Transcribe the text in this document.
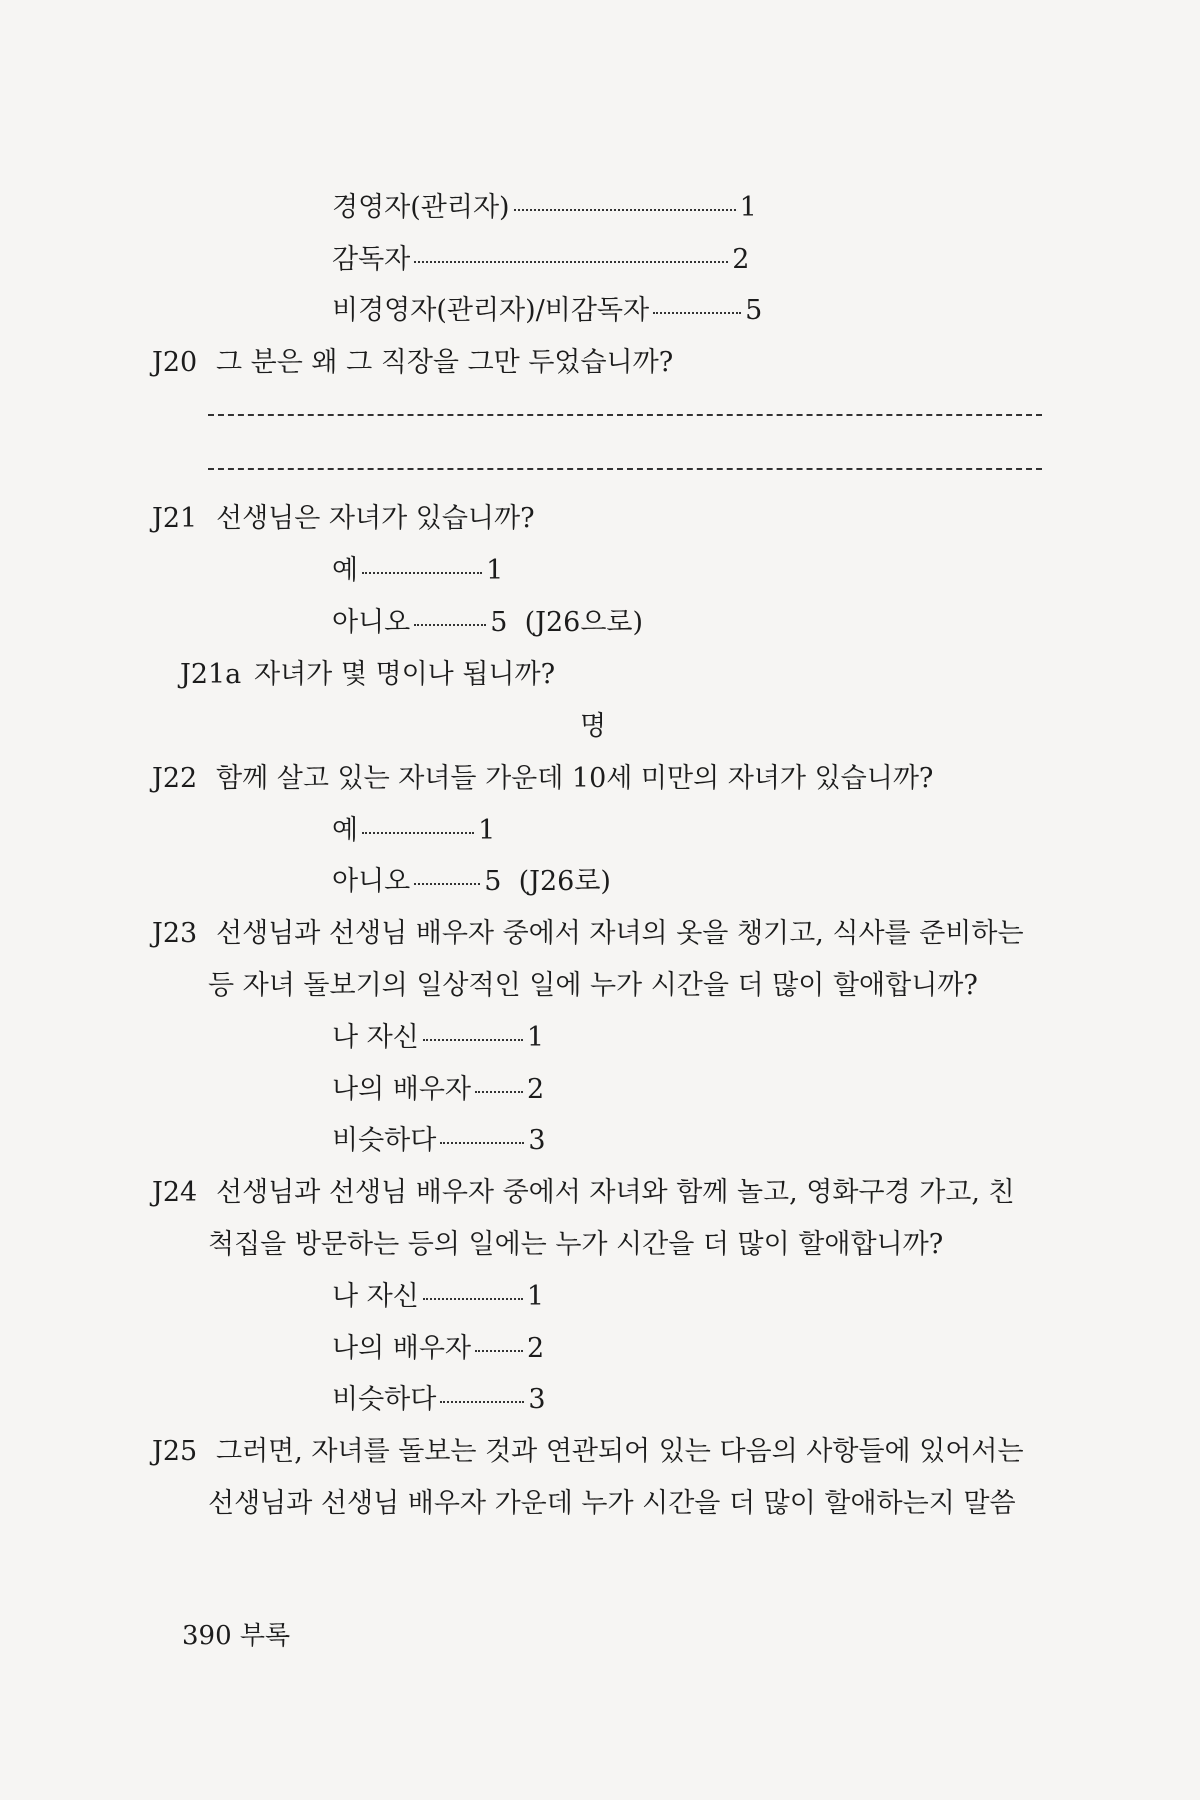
경영자(관리자)	1
감독자	2
비경영자(관리자)/비감독자	5
J20 그 분은 왜 그 직장을 그만 두었습니까?
J21 선생님은 자녀가 있습니까?
예	1
아니오	5 (J26으로)
J21a 자녀가 몇 명이나 됩니까?
명
J22 함께 살고 있는 자녀들 가운데 10세 미만의 자녀가 있습니까?
예	1
아니오	5 (J26로)
J23 선생님과 선생님 배우자 중에서 자녀의 옷을 챙기고, 식사를 준비하는
등 자녀 돌보기의 일상적인 일에 누가 시간을 더 많이 할애합니까?
나 자신	1
나의 배우자 2
비슷하다	3
J24 선생님과 선생님 배우자 중에서 자녀와 함께 놀고, 영화구경 가고, 친
척집을 방문하는 등의 일에는 누가 시간을 더 많이 할애합니까?
나 자신	1
나의 배우자 2
비슷하다	3
J25 그러면, 자녀를 돌보는 것과 연관되어 있는 다음의 사항들에 있어서는
선생님과 선생님 배우자 가운데 누가 시간을 더 많이 할애하는지 말씀
390 부록
